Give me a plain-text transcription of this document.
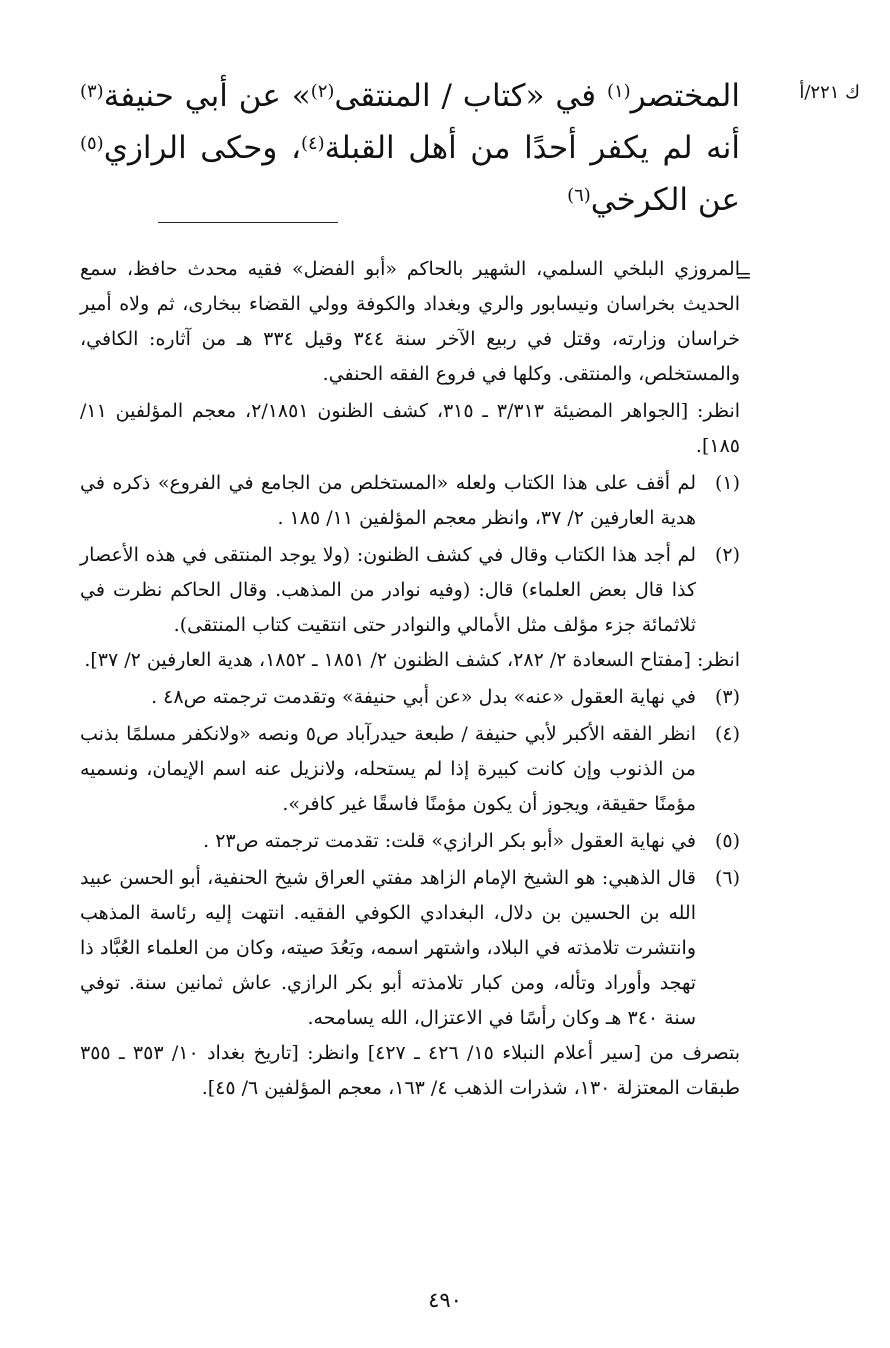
ك ٢٢١/أ
المختصر$^{(١)}$ في «كتاب / المنتقى$^{(٢)}$» عن أبي حنيفة$^{(٣)}$ أنه لم يكفر أحدًا من أهل القبلة$^{(٤)}$، وحكى الرازي$^{(٥)}$ عن الكرخي$^{(٦)}$
=

المروزي البلخي السلمي، الشهير بالحاكم «أبو الفضل» فقيه محدث حافظ، سمع الحديث بخراسان ونيسابور والري وبغداد والكوفة وولي القضاء ببخارى، ثم ولاه أمير خراسان وزارته، وقتل في ربيع الآخر سنة ٣٤٤ وقيل ٣٣٤ هـ من آثاره: الكافي، والمستخلص، والمنتقى. وكلها في فروع الفقه الحنفي.

انظر: [الجواهر المضيئة ٣/٣١٣ ـ ٣١٥، كشف الظنون ٢/١٨٥١، معجم المؤلفين ١١/ ١٨٥].

(١)
لم أقف على هذا الكتاب ولعله «المستخلص من الجامع في الفروع» ذكره في هدية العارفين ٢/ ٣٧، وانظر معجم المؤلفين ١١/ ١٨٥ .
(٢)
لم أجد هذا الكتاب وقال في كشف الظنون: (ولا يوجد المنتقى في هذه الأعصار كذا قال بعض العلماء) قال: (وفيه نوادر من المذهب. وقال الحاكم نظرت في ثلاثمائة جزء مؤلف مثل الأمالي والنوادر حتى انتقيت كتاب المنتقى).

انظر: [مفتاح السعادة ٢/ ٢٨٢، كشف الظنون ٢/ ١٨٥١ ـ ١٨٥٢، هدية العارفين ٢/ ٣٧].

(٣)
في نهاية العقول «عنه» بدل «عن أبي حنيفة» وتقدمت ترجمته ص٤٨ .
(٤)
انظر الفقه الأكبر لأبي حنيفة / طبعة حيدرآباد ص٥ ونصه «ولانكفر مسلمًا بذنب من الذنوب وإن كانت كبيرة إذا لم يستحله، ولانزيل عنه اسم الإيمان، ونسميه مؤمنًا حقيقة، ويجوز أن يكون مؤمنًا فاسقًا غير كافر».
(٥)
في نهاية العقول «أبو بكر الرازي» قلت: تقدمت ترجمته ص٢٣ .
(٦)
قال الذهبي: هو الشيخ الإمام الزاهد مفتي العراق شيخ الحنفية، أبو الحسن عبيد الله بن الحسين بن دلال، البغدادي الكوفي الفقيه. انتهت إليه رئاسة المذهب وانتشرت تلامذته في البلاد، واشتهر اسمه، وبَعُدَ صيته، وكان من العلماء العُبَّاد ذا تهجد وأوراد وتأله، ومن كبار تلامذته أبو بكر الرازي. عاش ثمانين سنة. توفي سنة ٣٤٠ هـ وكان رأسًا في الاعتزال، الله يسامحه.

بتصرف من [سير أعلام النبلاء ١٥/ ٤٢٦ ـ ٤٢٧] وانظر: [تاريخ بغداد ١٠/ ٣٥٣ ـ ٣٥٥ طبقات المعتزلة ١٣٠، شذرات الذهب ٤/ ١٦٣، معجم المؤلفين ٦/ ٤٥].

٤٩٠
